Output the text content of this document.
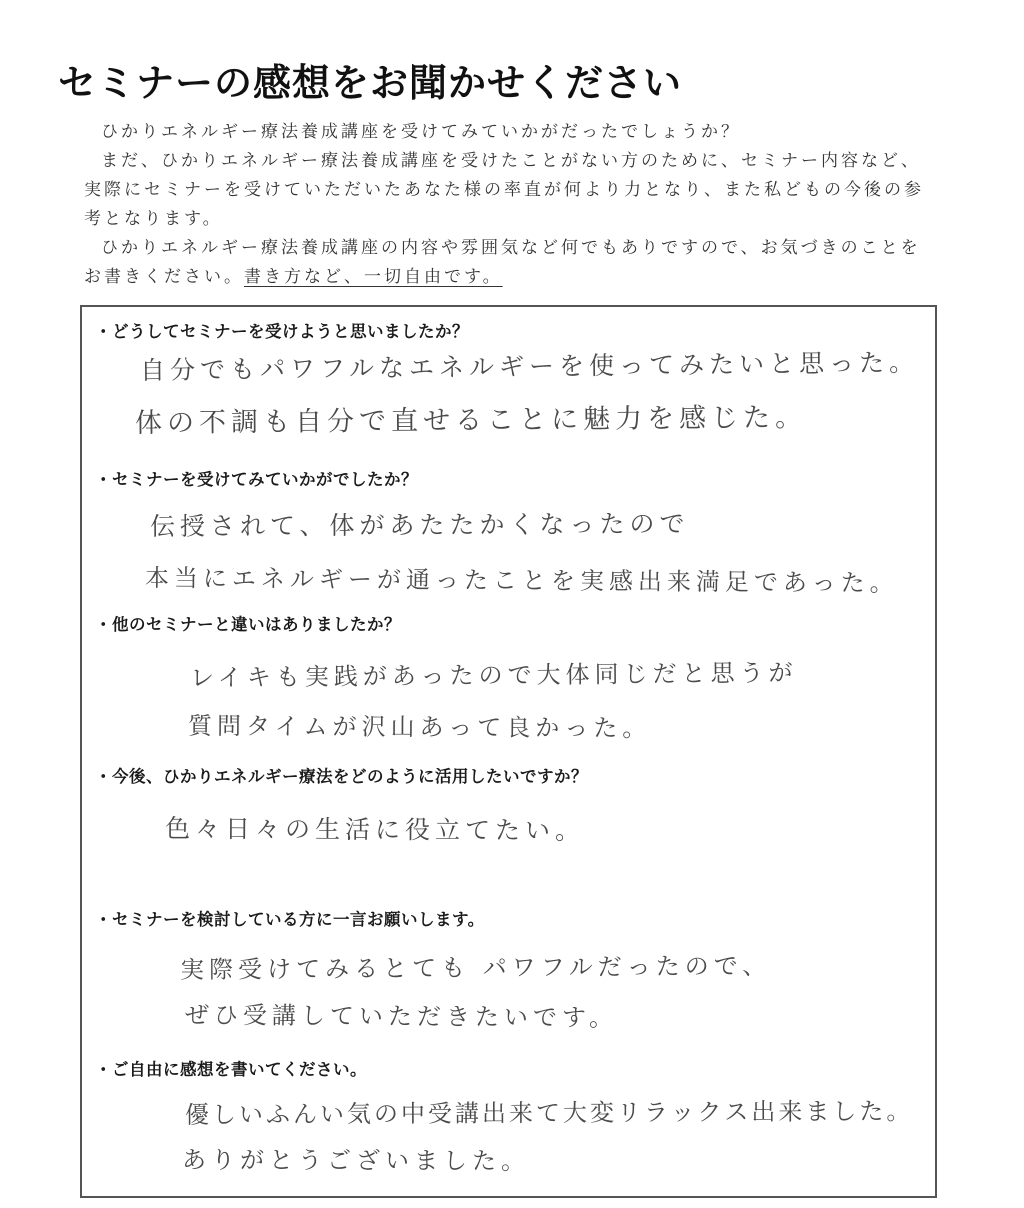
セミナーの感想をお聞かせください

ひかりエネルギー療法養成講座を受けてみていかがだったでしょうか？

まだ、ひかりエネルギー療法養成講座を受けたことがない方のために、セミナー内容など、実際にセミナーを受けていただいたあなた様の率直が何より力となり、また私どもの今後の参考となります。

ひかりエネルギー療法養成講座の内容や雰囲気など何でもありですので、お気づきのことをお書きください。書き方など、一切自由です。

・どうしてセミナーを受けようと思いましたか？
自分でもパワフルなエネルギーを使ってみたいと思った。
体の不調も自分で直せることに魅力を感じた。
・セミナーを受けてみていかがでしたか？
伝授されて、体があたたかくなったので
本当にエネルギーが通ったことを実感出来満足であった。
・他のセミナーと違いはありましたか？
レイキも実践があったので大体同じだと思うが
質問タイムが沢山あって良かった。
・今後、ひかりエネルギー療法をどのように活用したいですか？
色々日々の生活に役立てたい。
・セミナーを検討している方に一言お願いします。
実際受けてみるとても パワフルだったので、
ぜひ受講していただきたいです。
・ご自由に感想を書いてください。
優しいふんい気の中受講出来て大変リラックス出来ました。
ありがとうございました。
